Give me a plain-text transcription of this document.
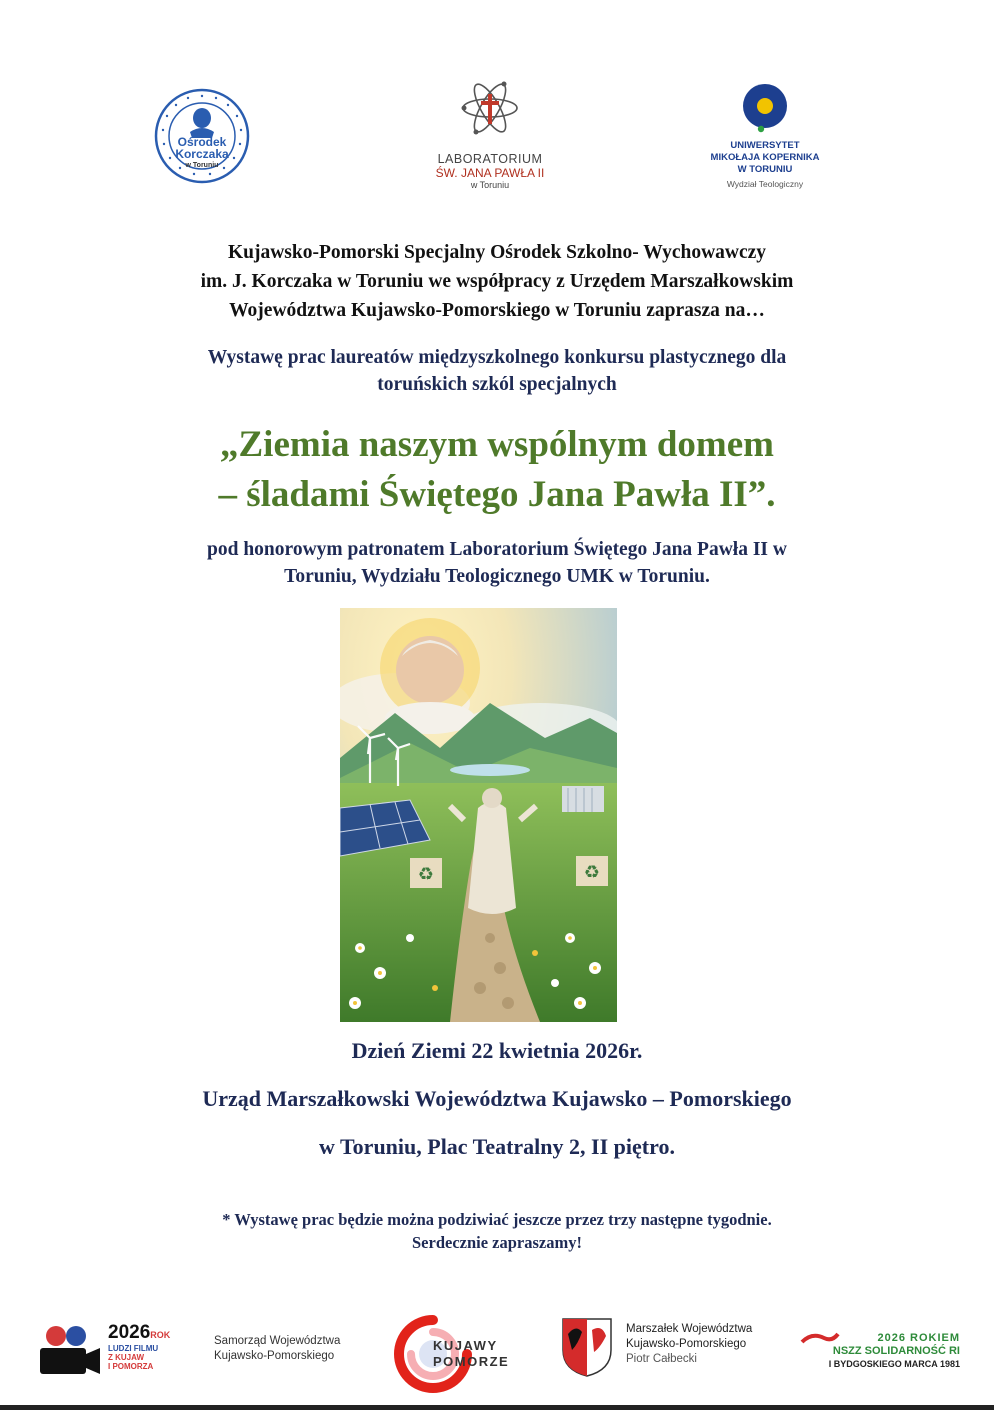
Ośrodek
Korczaka
w Toruniu	LABORATORIUM
ŚW. JANA PAWŁA II
w Toruniu
UNIWERSYTET
MIKOŁAJA KOPERNIKA
W TORUNIU
Wydział Teologiczny
Kujawsko-Pomorski Specjalny Ośrodek Szkolno- Wychowawczy
im. J. Korczaka w Toruniu we współpracy z Urzędem Marszałkowskim
Województwa Kujawsko-Pomorskiego w Toruniu zaprasza na…
Wystawę prac laureatów międzyszkolnego konkursu plastycznego dla
toruńskich szkól specjalnych
„Ziemia naszym wspólnym domem
– śladami Świętego Jana Pawła II”.
pod honorowym patronatem Laboratorium Świętego Jana Pawła II w
Toruniu, Wydziału Teologicznego UMK w Toruniu.
♻	♻
Dzień Ziemi 22 kwietnia 2026r.
Urząd Marszałkowski Województwa Kujawsko – Pomorskiego
w Toruniu, Plac Teatralny 2, II piętro.
* Wystawę prac będzie można podziwiać jeszcze przez trzy następne tygodnie.
Serdecznie zapraszamy!
2026ROK
LUDZI FILMU
Z KUJAW
I POMORZA
Samorząd Województwa
Kujawsko-Pomorskiego
KUJAWY
POMORZE
Marszałek Województwa
Kujawsko-Pomorskiego
Piotr Całbecki
2026 ROKIEM
NSZZ SOLIDARNOŚĆ RI
I BYDGOSKIEGO MARCA 1981
